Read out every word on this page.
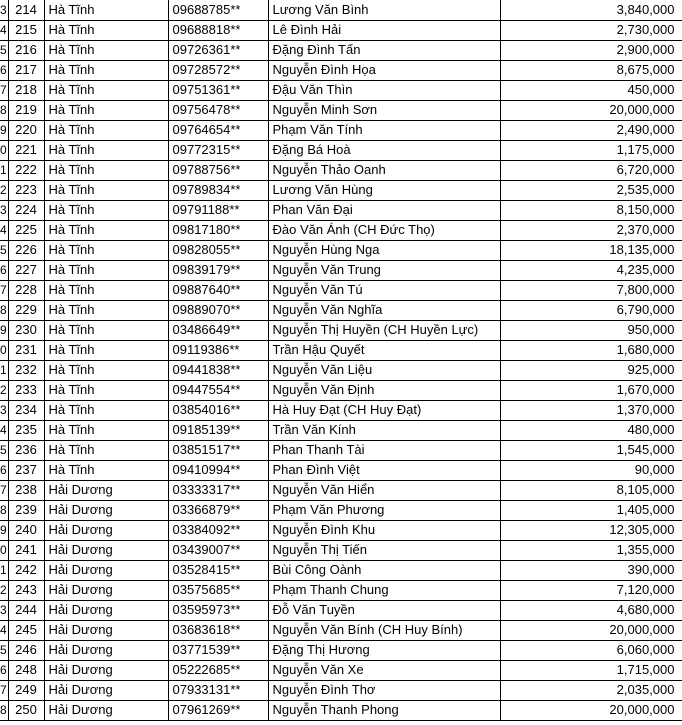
3	214	Hà Tĩnh	09688785**	Lương Văn Bình	3,840,000
4	215	Hà Tĩnh	09688818**	Lê Đình Hải	2,730,000
5	216	Hà Tĩnh	09726361**	Đặng Đình Tấn	2,900,000
6	217	Hà Tĩnh	09728572**	Nguyễn Đình Họa	8,675,000
7	218	Hà Tĩnh	09751361**	Đậu Văn Thìn	450,000
8	219	Hà Tĩnh	09756478**	Nguyễn Minh Sơn	20,000,000
9	220	Hà Tĩnh	09764654**	Phạm Văn Tính	2,490,000
0	221	Hà Tĩnh	09772315**	Đặng Bá Hoà	1,175,000
1	222	Hà Tĩnh	09788756**	Nguyễn Thảo Oanh	6,720,000
2	223	Hà Tĩnh	09789834**	Lương Văn Hùng	2,535,000
3	224	Hà Tĩnh	09791188**	Phan Văn Đại	8,150,000
4	225	Hà Tĩnh	09817180**	Đào Văn Ánh (CH Đức Thọ)	2,370,000
5	226	Hà Tĩnh	09828055**	Nguyễn Hùng Nga	18,135,000
6	227	Hà Tĩnh	09839179**	Nguyễn Văn Trung	4,235,000
7	228	Hà Tĩnh	09887640**	Nguyễn Văn Tú	7,800,000
8	229	Hà Tĩnh	09889070**	Nguyễn Văn Nghĩa	6,790,000
9	230	Hà Tĩnh	03486649**	Nguyễn Thị Huyền (CH Huyền Lực)	950,000
0	231	Hà Tĩnh	09119386**	Trần Hậu Quyết	1,680,000
1	232	Hà Tĩnh	09441838**	Nguyễn Văn Liệu	925,000
2	233	Hà Tĩnh	09447554**	Nguyễn Văn Định	1,670,000
3	234	Hà Tĩnh	03854016**	Hà Huy Đạt (CH Huy Đạt)	1,370,000
4	235	Hà Tĩnh	09185139**	Trần Văn Kính	480,000
5	236	Hà Tĩnh	03851517**	Phan Thanh Tài	1,545,000
6	237	Hà Tĩnh	09410994**	Phan Đình Việt	90,000
7	238	Hải Dương	03333317**	Nguyễn Văn Hiển	8,105,000
8	239	Hải Dương	03366879**	Phạm Văn Phương	1,405,000
9	240	Hải Dương	03384092**	Nguyễn Đình Khu	12,305,000
0	241	Hải Dương	03439007**	Nguyễn Thị Tiến	1,355,000
1	242	Hải Dương	03528415**	Bùi Công Oành	390,000
2	243	Hải Dương	03575685**	Phạm Thanh Chung	7,120,000
3	244	Hải Dương	03595973**	Đỗ Văn Tuyền	4,680,000
4	245	Hải Dương	03683618**	Nguyễn Văn Bính (CH Huy Bính)	20,000,000
5	246	Hải Dương	03771539**	Đặng Thị Hương	6,060,000
6	248	Hải Dương	05222685**	Nguyễn Văn Xe	1,715,000
7	249	Hải Dương	07933131**	Nguyễn Đình Thơ	2,035,000
8	250	Hải Dương	07961269**	Nguyễn Thanh Phong	20,000,000
